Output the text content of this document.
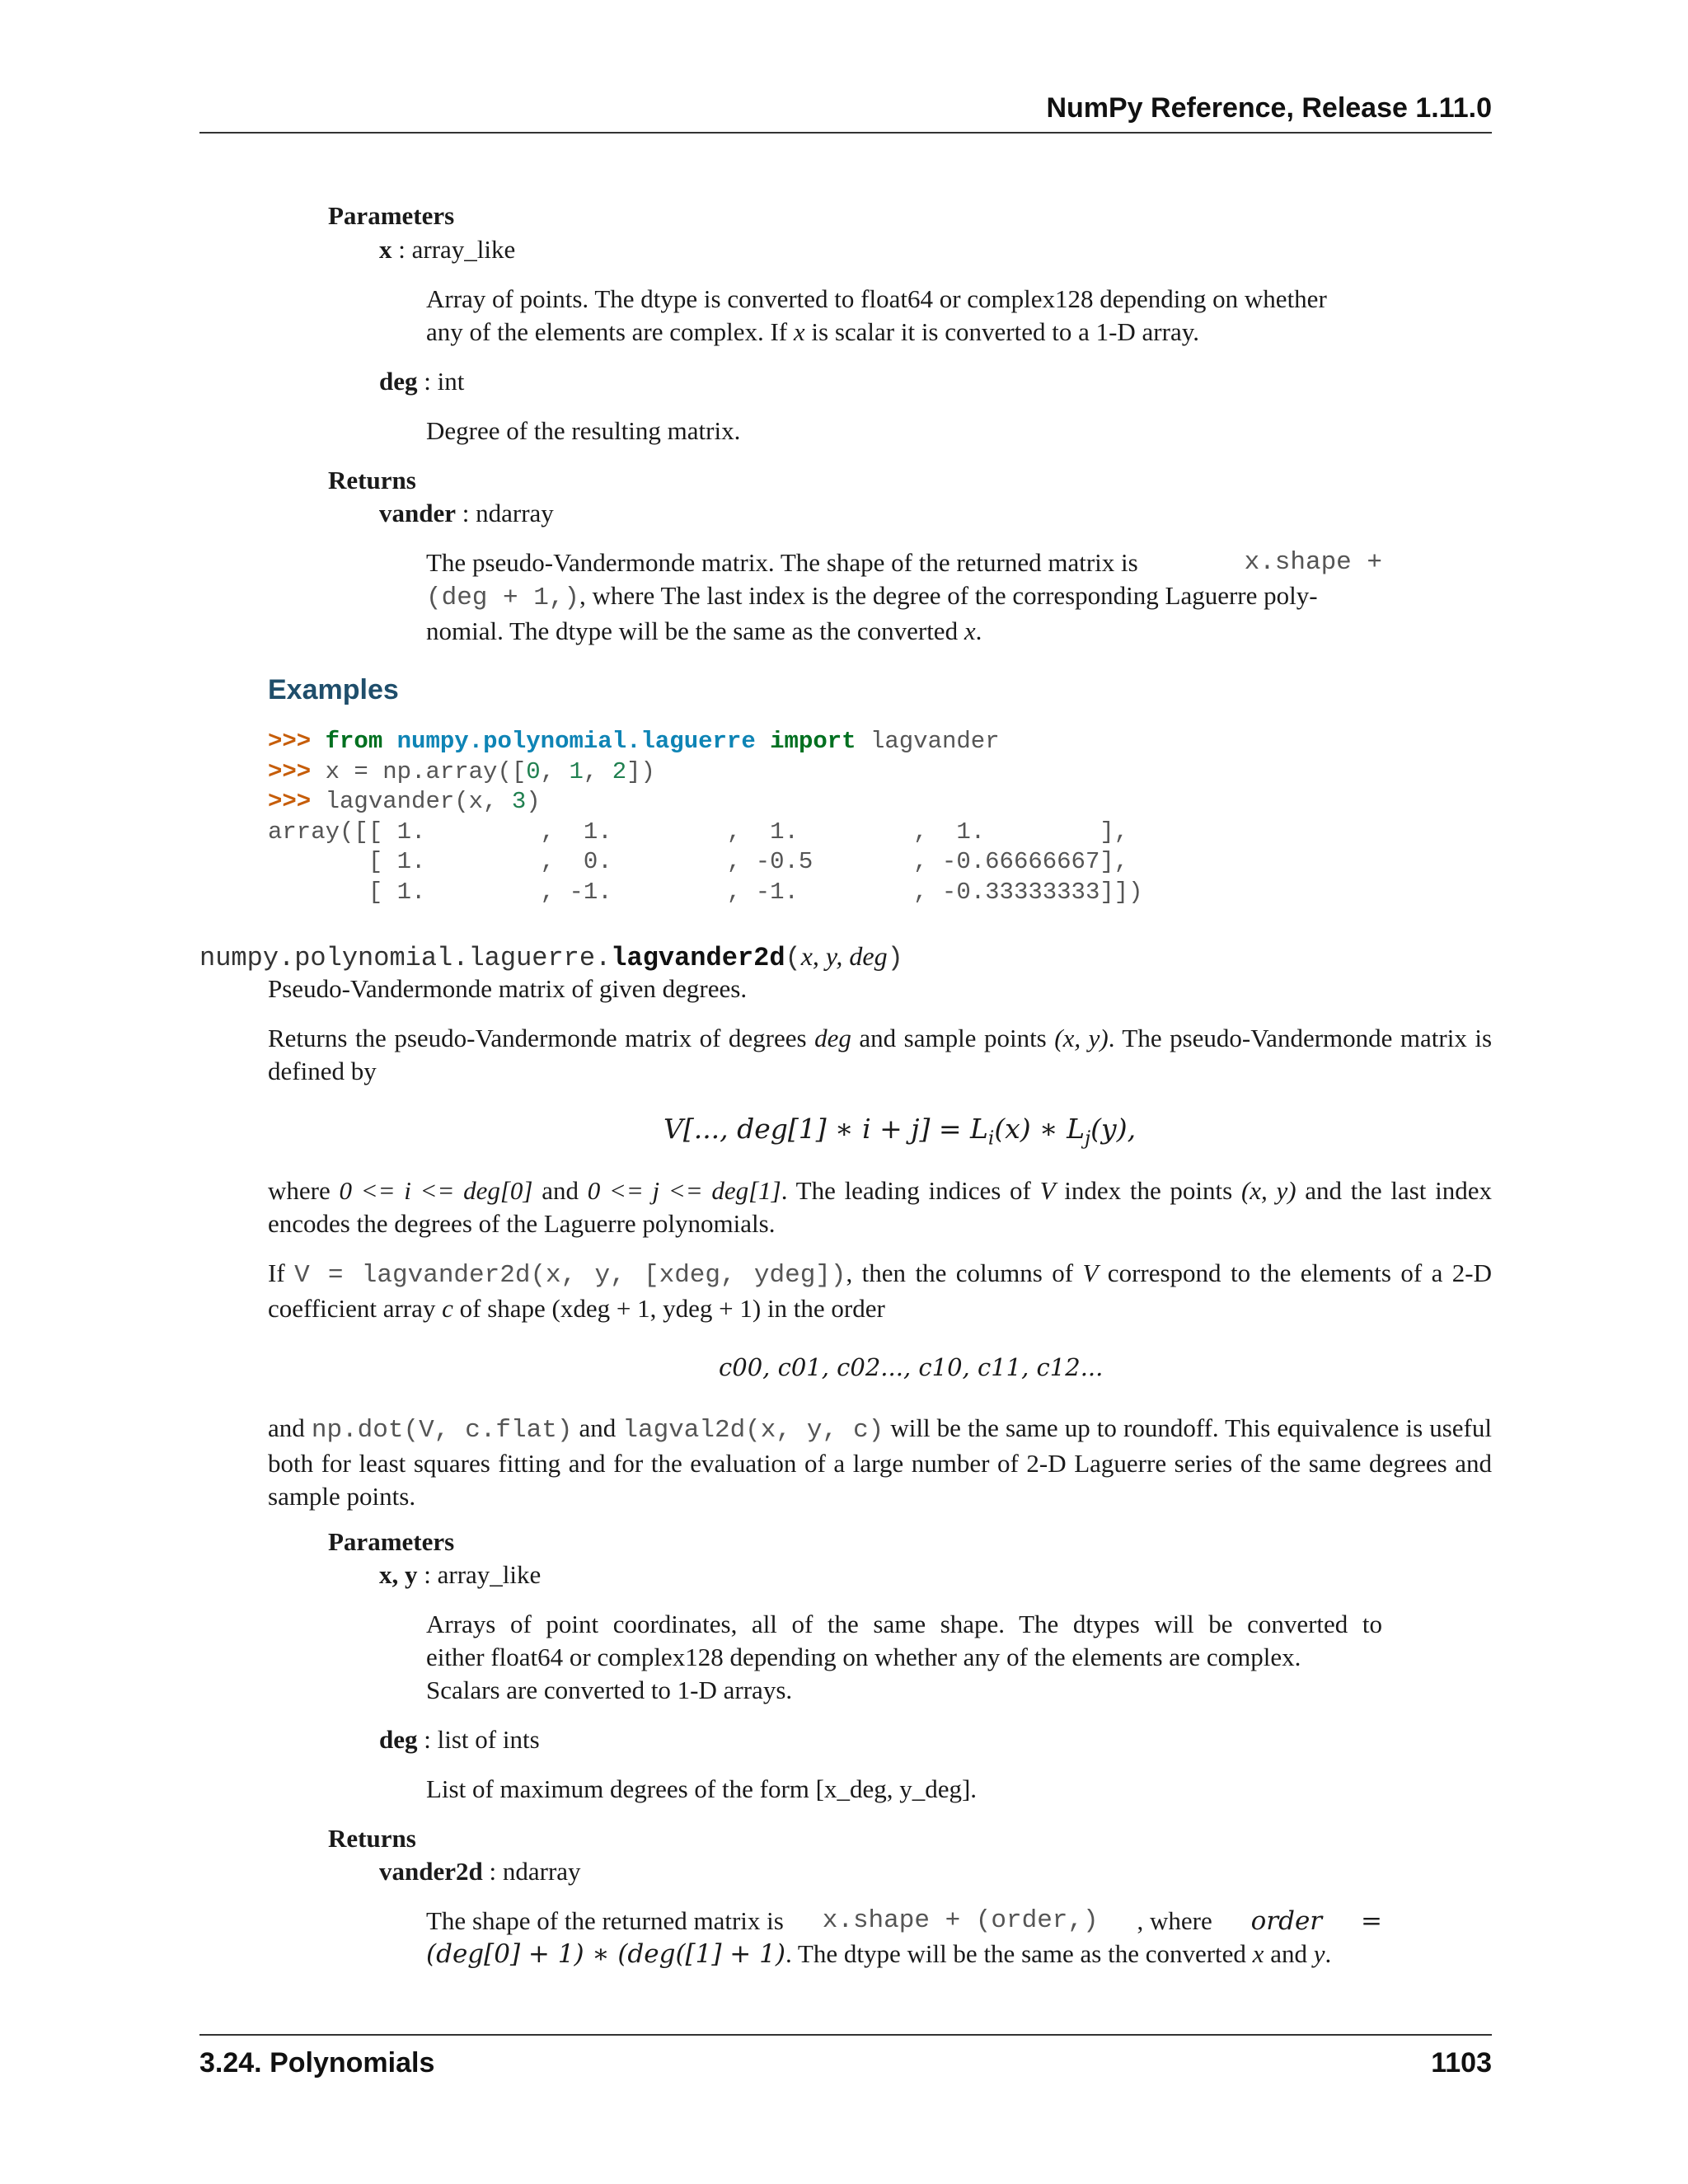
NumPy Reference, Release 1.11.0
Parameters
x : array_like
Array of points. The dtype is converted to float64 or complex128 depending on whether
any of the elements are complex. If x is scalar it is converted to a 1-D array.
deg : int
Degree of the resulting matrix.
Returns
vander : ndarray
The pseudo-Vandermonde matrix. The shape of the returned matrix is	x.shape +
(deg + 1,), where The last index is the degree of the corresponding Laguerre poly-
nomial. The dtype will be the same as the converted x.
Examples
>>> from numpy.polynomial.laguerre import lagvander
>>> x = np.array([0, 1, 2])
>>> lagvander(x, 3)
array([[ 1.        ,  1.        ,  1.        ,  1.        ],
[ 1.        ,  0.        , -0.5       , -0.66666667],
[ 1.        , -1.        , -1.        , -0.33333333]])
numpy.polynomial.laguerre.lagvander2d(x, y, deg)
Pseudo-Vandermonde matrix of given degrees.
Returns the pseudo-Vandermonde matrix of degrees deg and sample points (x, y). The pseudo-Vandermonde matrix is defined by
V[..., deg[1] ∗ $i + j] = L_i(x)$ ∗ $L_j(y)$,
where 0 <= i <= deg[0] and 0 <= j <= deg[1]. The leading indices of V index the points (x, y) and the last index encodes the degrees of the Laguerre polynomials.
If V = lagvander2d(x, y, [xdeg, ydeg]), then the columns of V correspond to the elements of a 2-D coefficient array c of shape (xdeg + 1, ydeg + 1) in the order
c00, c01, c02..., c10, c11, c12...
and np.dot(V, c.flat) and lagval2d(x, y, c) will be the same up to roundoff. This equivalence is useful both for least squares fitting and for the evaluation of a large number of 2-D Laguerre series of the same degrees and sample points.
Parameters
x, y : array_like
Arrays of point coordinates, all of the same shape. The dtypes will be converted to
either float64 or complex128 depending on whether any of the elements are complex.
Scalars are converted to 1-D arrays.
deg : list of ints
List of maximum degrees of the form [x_deg, y_deg].
Returns
vander2d : ndarray
The shape of the returned matrix is x.shape + (order,) , where order =
(deg[0] + 1) ∗ (deg([1] + 1). The dtype will be the same as the converted x and y.
3.24. Polynomials	1103
